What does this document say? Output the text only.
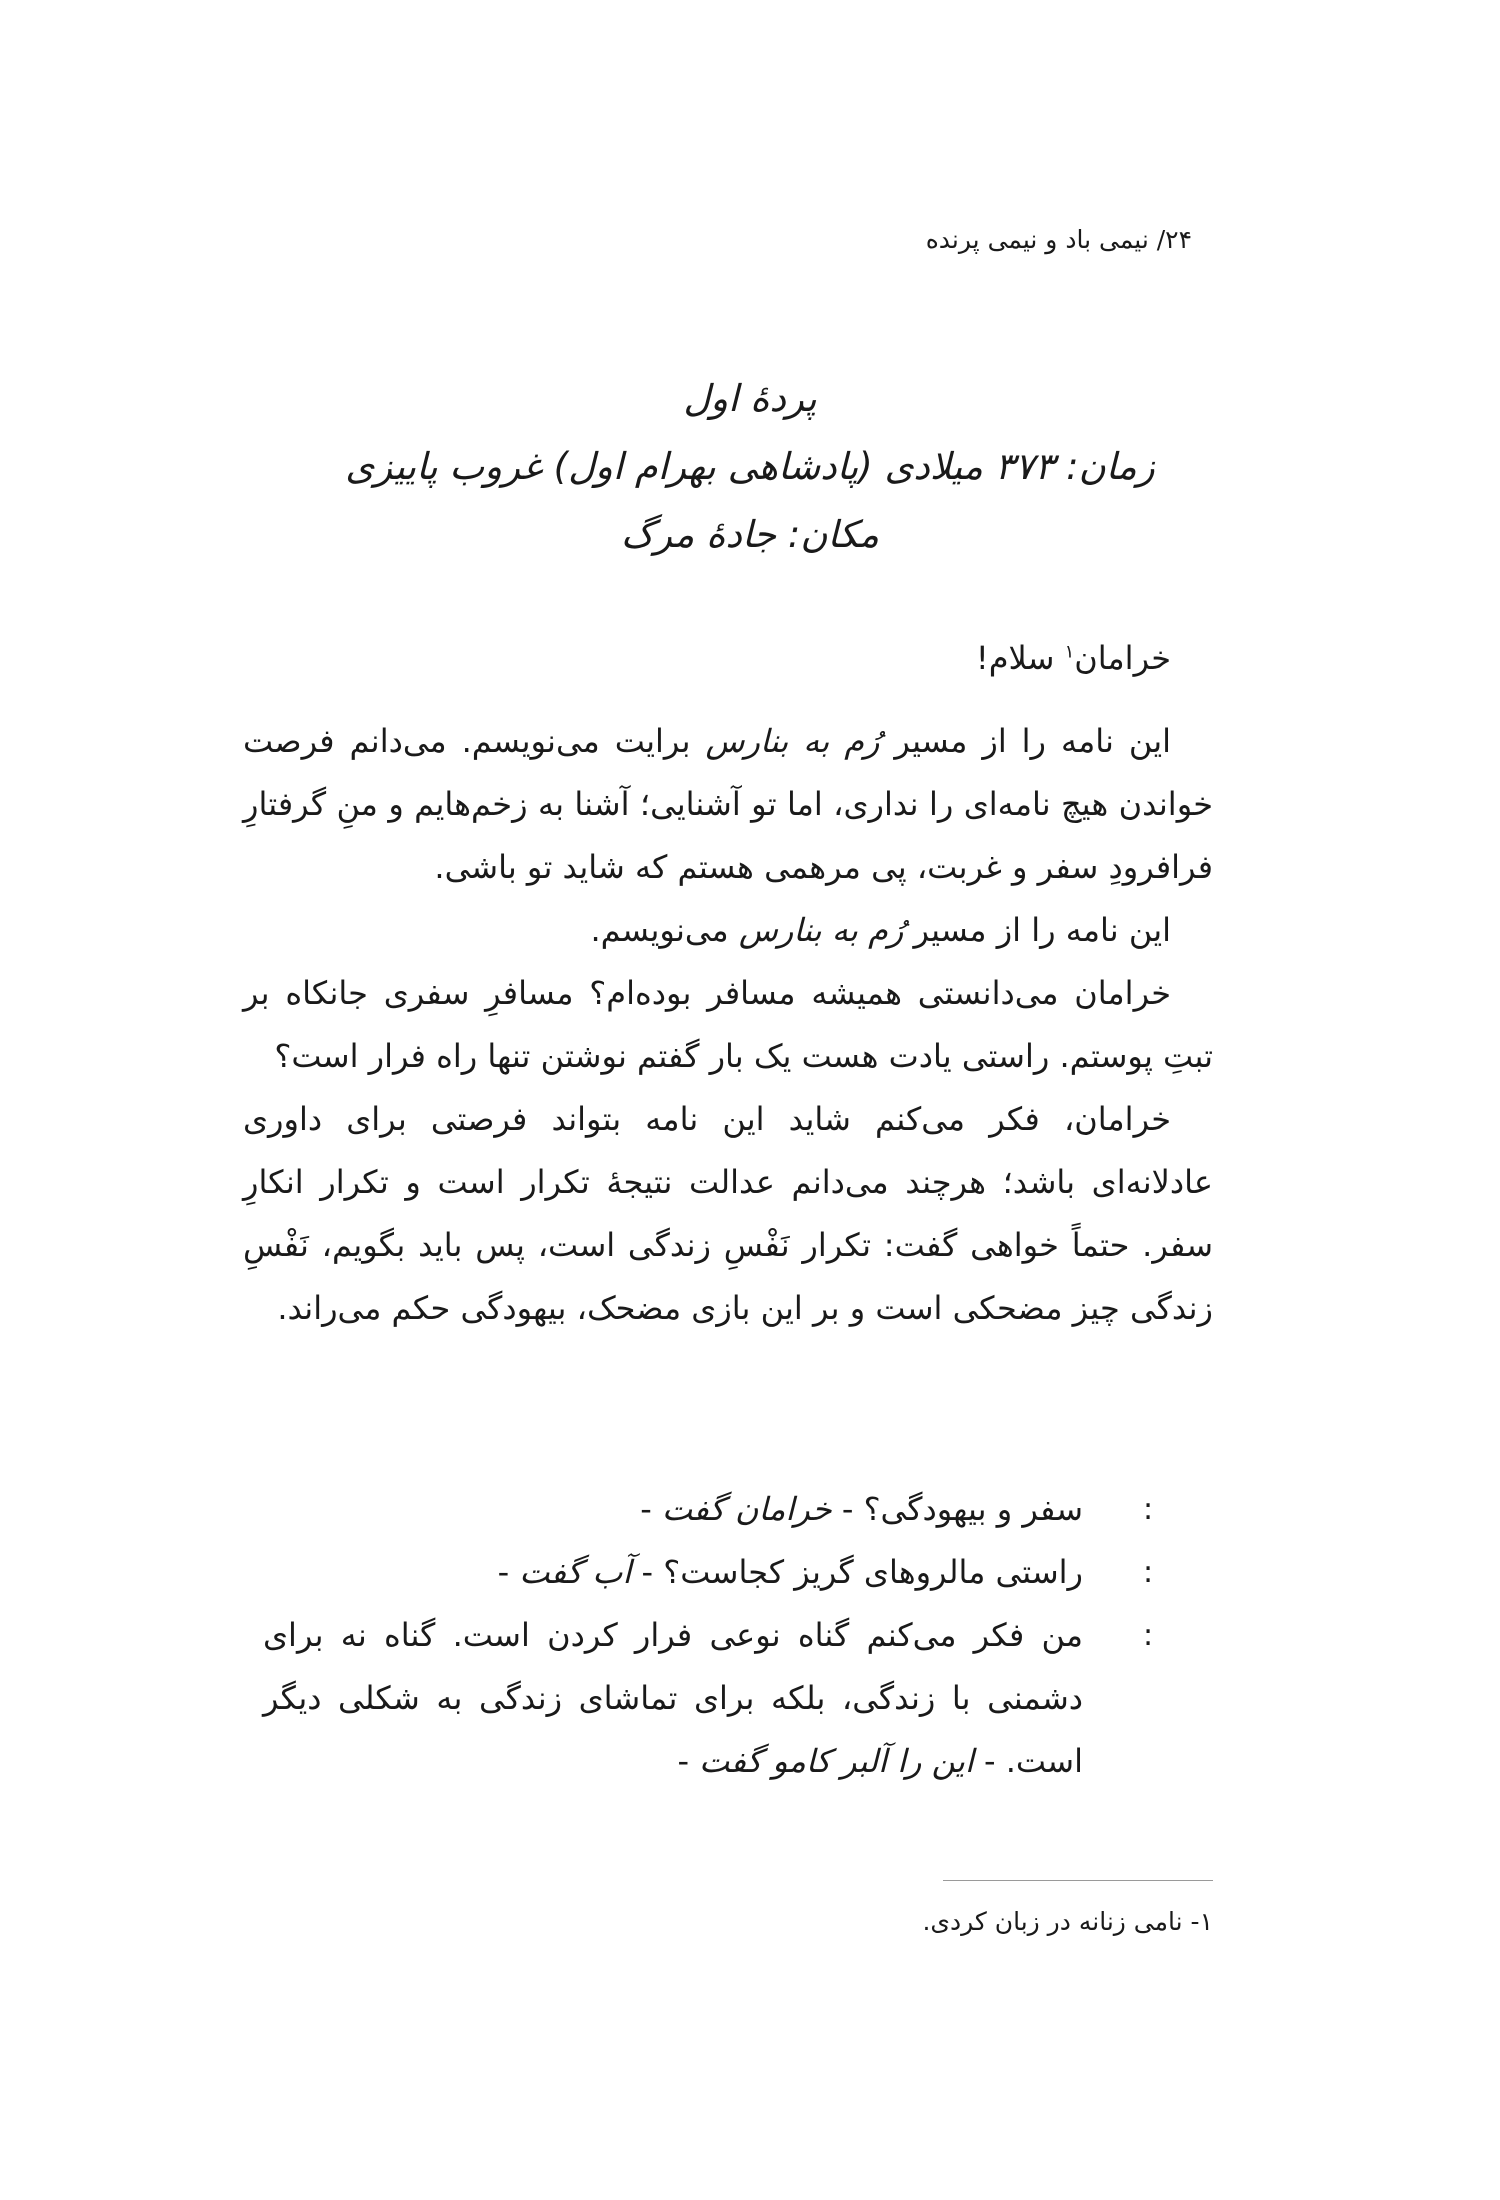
۲۴/ نیمی باد و نیمی پرنده
پردهٔ اول
زمان: ۳۷۳ میلادی (پادشاهی بهرام اول) غروب پاییزی
مکان: جادهٔ مرگ

خرامان$^۱$ سلام!

این نامه را از مسیر رُم به بنارس برایت می‌نویسم. می‌دانم فرصت خواندن هیچ نامه‌ای را نداری، اما تو آشنایی؛ آشنا به زخم‌هایم و منِ گرفتارِ فرافرودِ سفر و غربت، پی مرهمی هستم که شاید تو باشی.

این نامه را از مسیر رُم به بنارس می‌نویسم.

خرامان می‌دانستی همیشه مسافر بوده‌ام؟ مسافرِ سفری جانکاه بر تبتِ پوستم. راستی یادت هست یک بار گفتم نوشتن تنها راه فرار است؟

خرامان، فکر می‌کنم شاید این نامه بتواند فرصتی برای داوری عادلانه‌ای باشد؛ هرچند می‌دانم عدالت نتیجهٔ تکرار است و تکرار انکارِ سفر. حتماً خواهی گفت: تکرار نَفْسِ زندگی است، پس باید بگویم، نَفْسِ زندگی چیز مضحکی است و بر این بازی مضحک، بیهودگی حکم می‌راند.

:
سفر و بیهودگی؟ - خرامان گفت -
:
راستی مالروهای گریز کجاست؟ - آب گفت -
:
من فکر می‌کنم گناه نوعی فرار کردن است. گناه نه برای دشمنی با زندگی، بلکه برای تماشای زندگی به شکلی دیگر است. - این را آلبر کامو گفت -
۱- نامی زنانه در زبان کردی.
